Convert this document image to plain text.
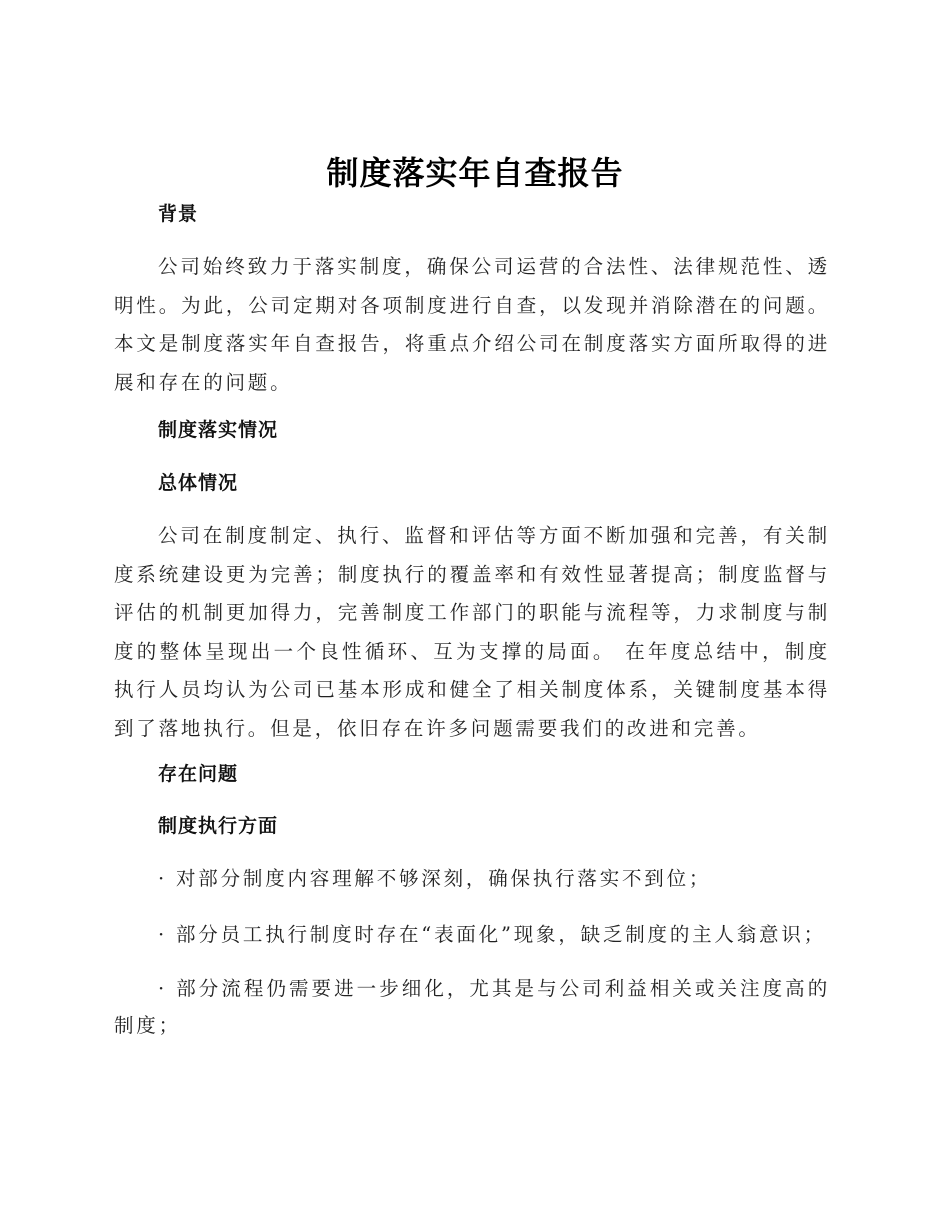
制度落实年自查报告
背景

公司始终致力于落实制度，确保公司运营的合法性、法律规范性、透明性。为此，公司定期对各项制度进行自查，以发现并消除潜在的问题。本文是制度落实年自查报告，将重点介绍公司在制度落实方面所取得的进展和存在的问题。

制度落实情况
总体情况

公司在制度制定、执行、监督和评估等方面不断加强和完善，有关制度系统建设更为完善；制度执行的覆盖率和有效性显著提高；制度监督与评估的机制更加得力，完善制度工作部门的职能与流程等，力求制度与制度的整体呈现出一个良性循环、互为支撑的局面。 在年度总结中，制度执行人员均认为公司已基本形成和健全了相关制度体系，关键制度基本得到了落地执行。但是，依旧存在许多问题需要我们的改进和完善。

存在问题
制度执行方面

· 对部分制度内容理解不够深刻，确保执行落实不到位；

· 部分员工执行制度时存在“表面化”现象，缺乏制度的主人翁意识；

· 部分流程仍需要进一步细化，尤其是与公司利益相关或关注度高的制度；
